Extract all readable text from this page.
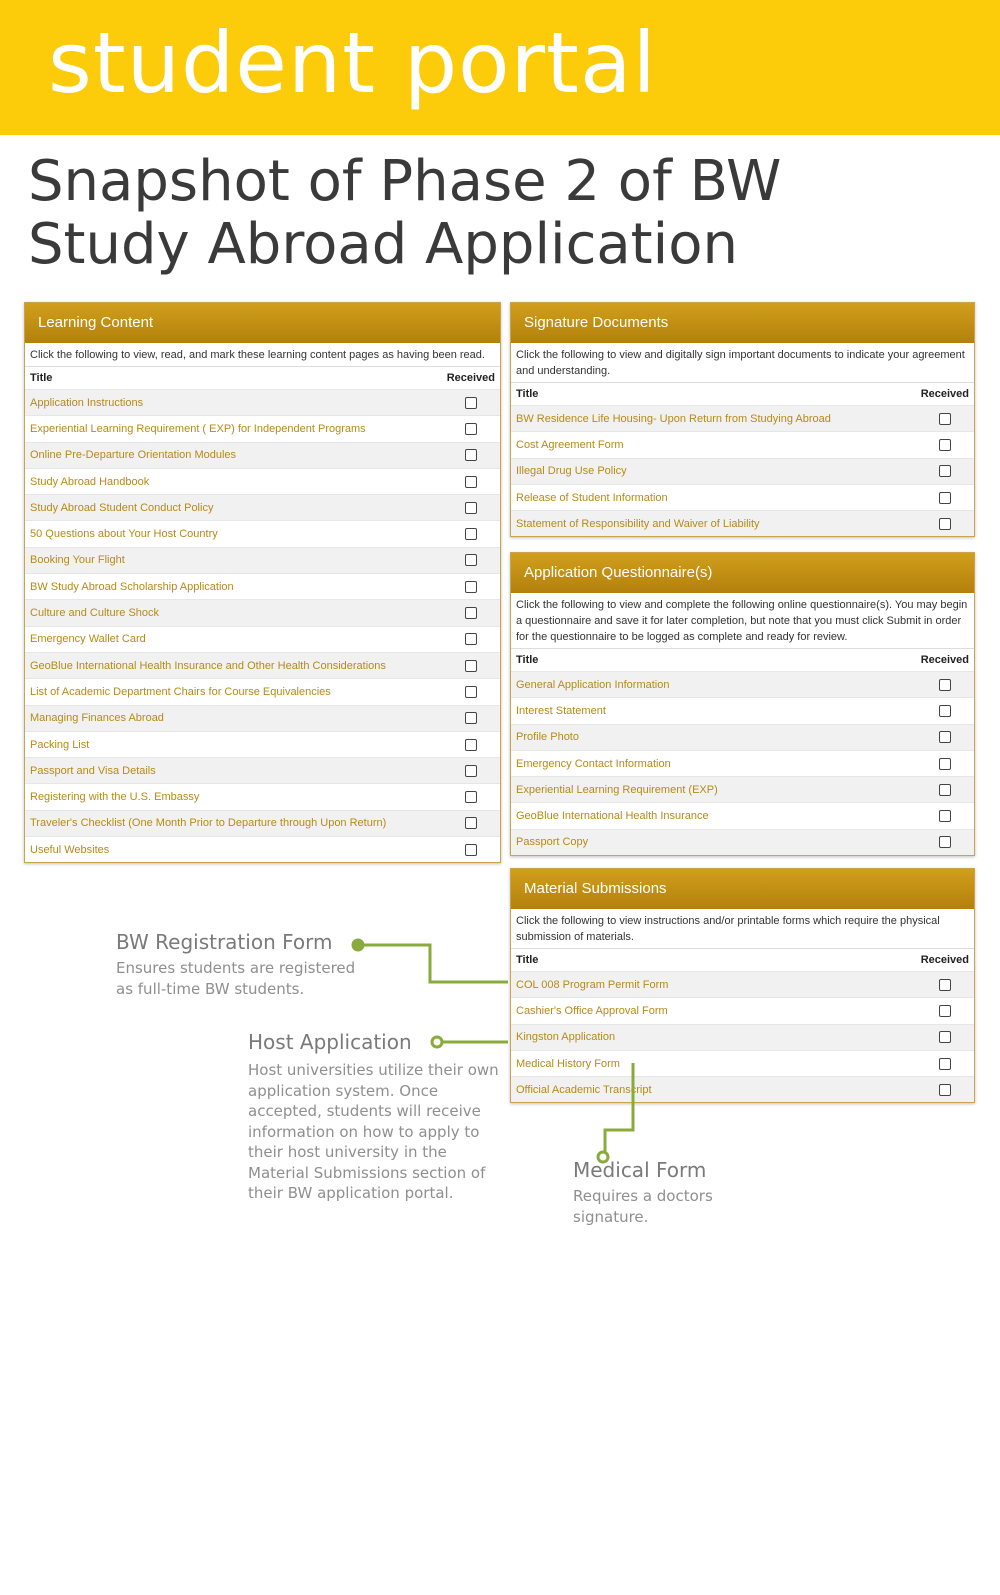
student portal
Snapshot of Phase 2 of BW Study Abroad Application
Learning Content
Click the following to view, read, and mark these learning content pages as having been read.
Title	Received
Application Instructions
Experiential Learning Requirement ( EXP) for Independent Programs
Online Pre-Departure Orientation Modules
Study Abroad Handbook
Study Abroad Student Conduct Policy
50 Questions about Your Host Country
Booking Your Flight
BW Study Abroad Scholarship Application
Culture and Culture Shock
Emergency Wallet Card
GeoBlue International Health Insurance and Other Health Considerations
List of Academic Department Chairs for Course Equivalencies
Managing Finances Abroad
Packing List
Passport and Visa Details
Registering with the U.S. Embassy
Traveler's Checklist (One Month Prior to Departure through Upon Return)
Useful Websites
Signature Documents
Click the following to view and digitally sign important documents to indicate your agreement and understanding.
Title	Received
BW Residence Life Housing- Upon Return from Studying Abroad
Cost Agreement Form
Illegal Drug Use Policy
Release of Student Information
Statement of Responsibility and Waiver of Liability
Application Questionnaire(s)
Click the following to view and complete the following online questionnaire(s). You may begin a questionnaire and save it for later completion, but note that you must click Submit in order for the questionnaire to be logged as complete and ready for review.
Title	Received
General Application Information
Interest Statement
Profile Photo
Emergency Contact Information
Experiential Learning Requirement (EXP)
GeoBlue International Health Insurance
Passport Copy
Material Submissions
Click the following to view instructions and/or printable forms which require the physical submission of materials.
Title	Received
COL 008 Program Permit Form
Cashier's Office Approval Form
Kingston Application
Medical History Form
Official Academic Transcript
BW Registration Form
Ensures students are registered as full-time BW students.
Host Application
Host universities utilize their own application system. Once accepted, students will receive information on how to apply to their host university in the Material Submissions section of their BW application portal.
Medical Form
Requires a doctors signature.
